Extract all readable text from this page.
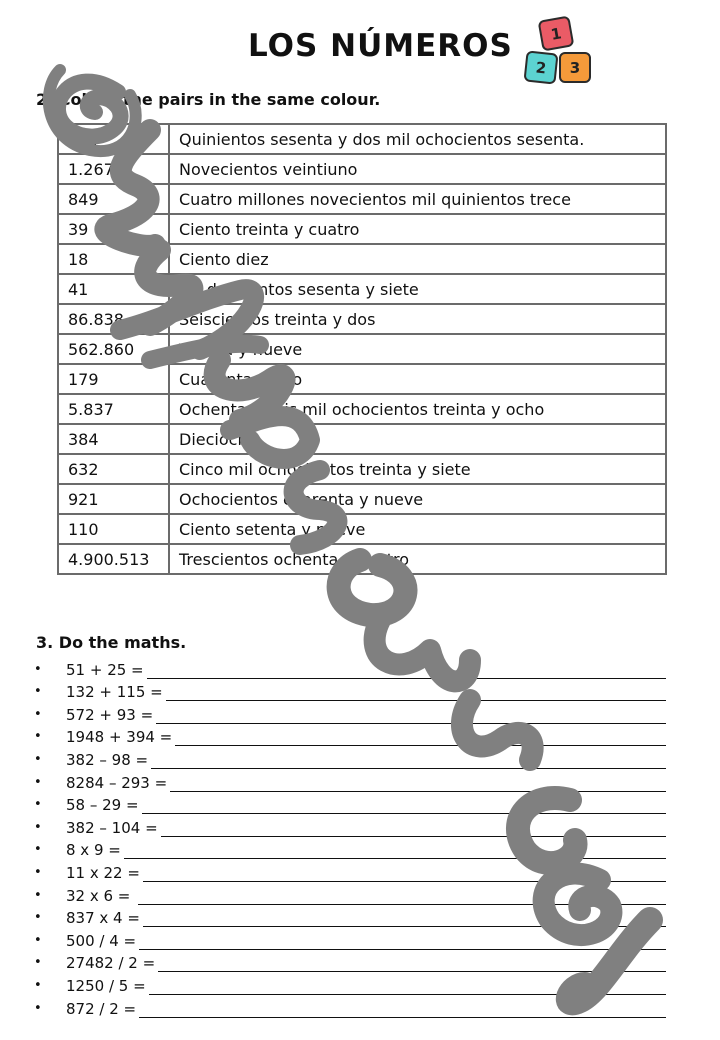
LOS NÚMEROS	1
2	3
2. Colour the pairs in the same colour.
134	Quinientos sesenta y dos mil ochocientos sesenta.
1.267	Novecientos veintiuno
849	Cuatro millones novecientos mil quinientos trece
39	Ciento treinta y cuatro
18	Ciento diez
41	Mil doscientos sesenta y siete
86.838	Seiscientos treinta y dos
562.860	Treinta y nueve
179	Cuarenta y uno
5.837	Ochenta y seis mil ochocientos treinta y ocho
384	Dieciocho
632	Cinco mil ochocientos treinta y siete
921	Ochocientos cuarenta y nueve
110	Ciento setenta y nueve
4.900.513	Trescientos ochenta y cuatro
3. Do the maths.
•	51 + 25 =
•	132 + 115 =
•	572 + 93 =
•	1948 + 394 =
•	382 – 98 =
•	8284 – 293 =
•	58 – 29 =
•	382 – 104 =
•	8 x 9 =
•	11 x 22 =
•	32 x 6 =
•	837 x 4 =
•	500 / 4 =
•	27482 / 2 =
•	1250 / 5 =
•	872 / 2 =
